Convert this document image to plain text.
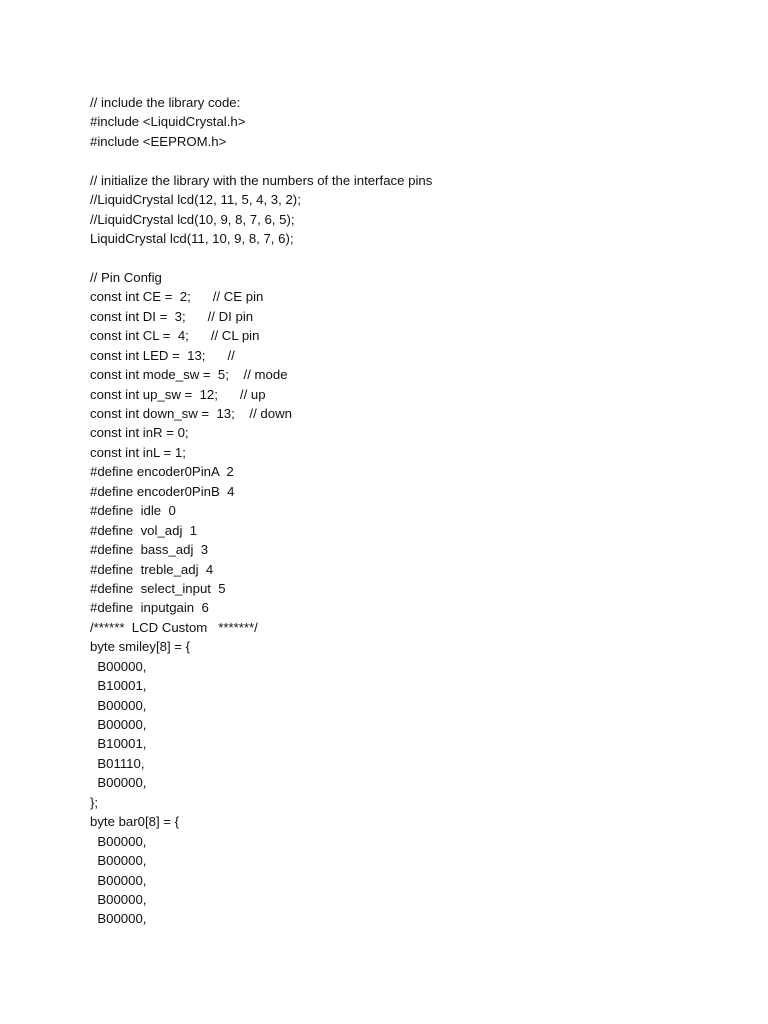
// include the library code:
#include <LiquidCrystal.h>
#include <EEPROM.h>
// initialize the library with the numbers of the interface pins
//LiquidCrystal lcd(12, 11, 5, 4, 3, 2);
//LiquidCrystal lcd(10, 9, 8, 7, 6, 5);
LiquidCrystal lcd(11, 10, 9, 8, 7, 6);
// Pin Config
const int CE =  2;      // CE pin
const int DI =  3;      // DI pin
const int CL =  4;      // CL pin
const int LED =  13;      //
const int mode_sw =  5;    // mode
const int up_sw =  12;      // up
const int down_sw =  13;    // down
const int inR = 0;
const int inL = 1;
#define encoder0PinA  2
#define encoder0PinB  4
#define  idle  0
#define  vol_adj  1
#define  bass_adj  3
#define  treble_adj  4
#define  select_input  5
#define  inputgain  6
/******  LCD Custom   *******/
byte smiley[8] = {
B00000,
B10001,
B00000,
B00000,
B10001,
B01110,
B00000,
};
byte bar0[8] = {
B00000,
B00000,
B00000,
B00000,
B00000,
